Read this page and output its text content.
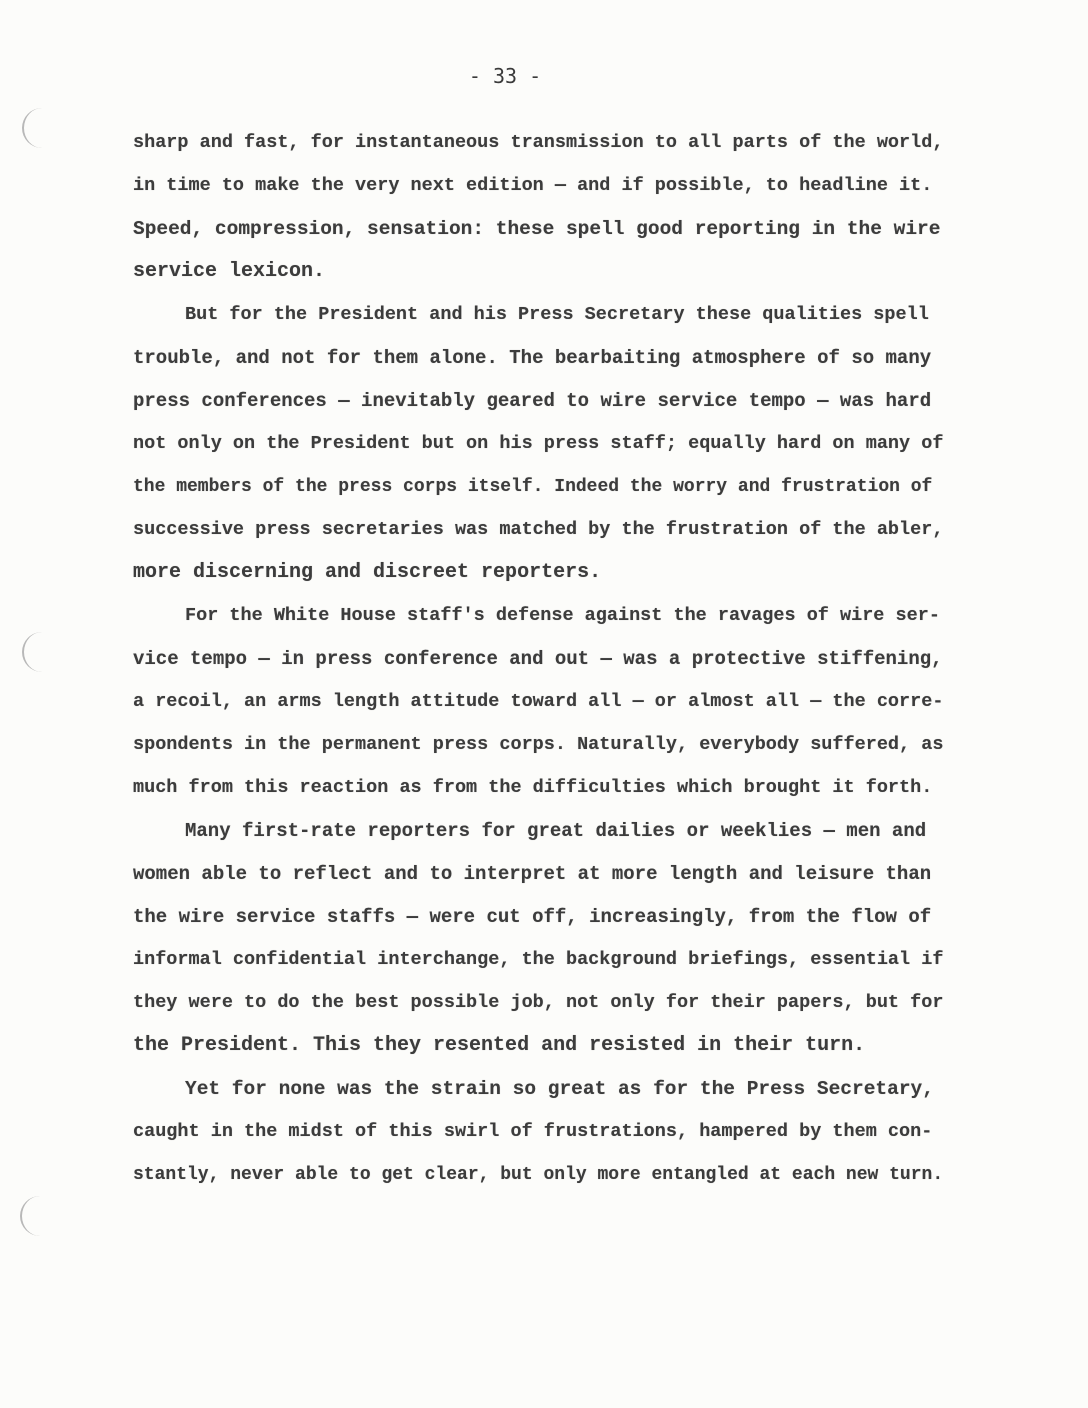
- 33 -
sharp and fast, for instantaneous transmission to all parts of the world,
in time to make the very next edition — and if possible, to headline it.
Speed, compression, sensation: these spell good reporting in the wire
service lexicon.
But for the President and his Press Secretary these qualities spell
trouble, and not for them alone. The bearbaiting atmosphere of so many
press conferences — inevitably geared to wire service tempo — was hard
not only on the President but on his press staff; equally hard on many of
the members of the press corps itself. Indeed the worry and frustration of
successive press secretaries was matched by the frustration of the abler,
more discerning and discreet reporters.
For the White House staff's defense against the ravages of wire ser-
vice tempo — in press conference and out — was a protective stiffening,
a recoil, an arms length attitude toward all — or almost all — the corre-
spondents in the permanent press corps. Naturally, everybody suffered, as
much from this reaction as from the difficulties which brought it forth.
Many first-rate reporters for great dailies or weeklies — men and
women able to reflect and to interpret at more length and leisure than
the wire service staffs — were cut off, increasingly, from the flow of
informal confidential interchange, the background briefings, essential if
they were to do the best possible job, not only for their papers, but for
the President. This they resented and resisted in their turn.
Yet for none was the strain so great as for the Press Secretary,
caught in the midst of this swirl of frustrations, hampered by them con-
stantly, never able to get clear, but only more entangled at each new turn.
